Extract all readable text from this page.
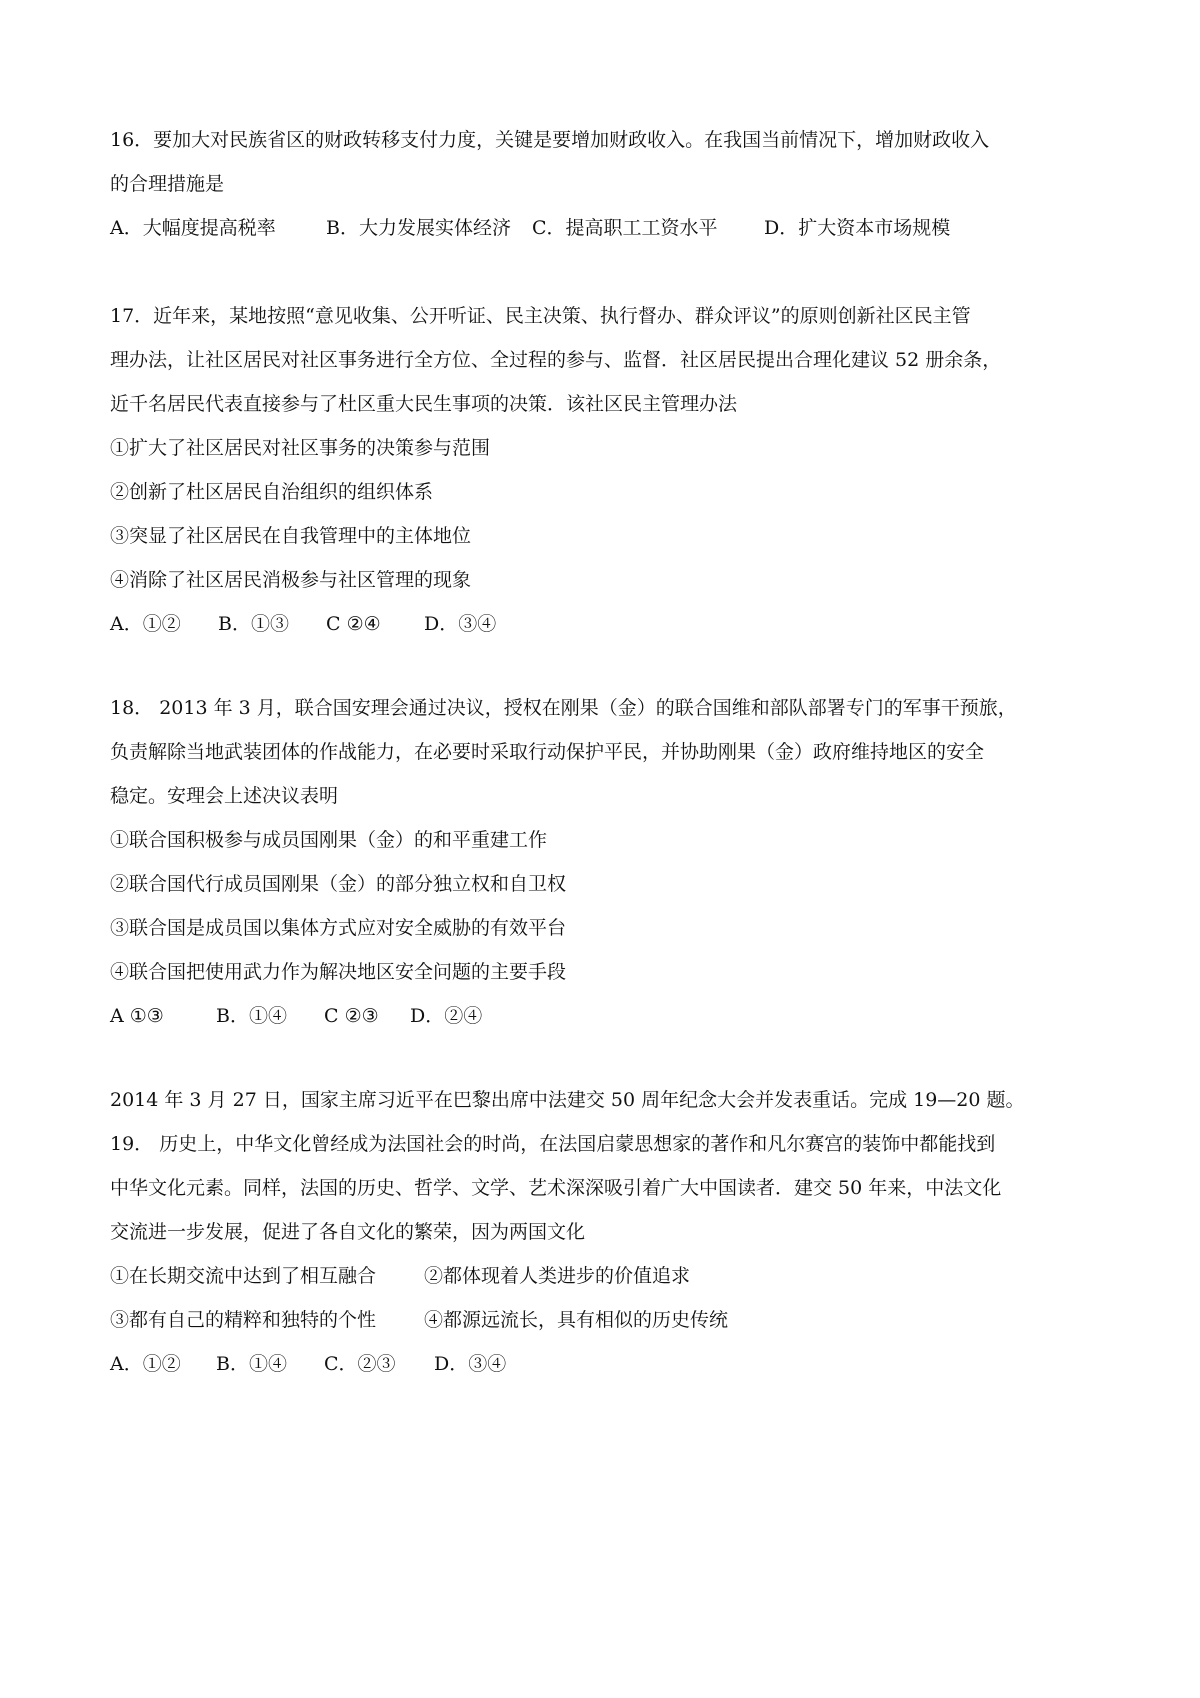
16．要加大对民族省区的财政转移支付力度，关键是要增加财政收入。在我国当前情况下，增加财政收入
的合理措施是
A．大幅度提高税率	B．大力发展实体经济 C．提高职工工资水平 D．扩大资本市场规模
17．近年来，某地按照“意见收集、公开听证、民主决策、执行督办、群众评议”的原则创新社区民主管
理办法，让社区居民对社区事务进行全方位、全过程的参与、监督．社区居民提出合理化建议 52 册余条，
近千名居民代表直接参与了杜区重大民生事项的决策．该社区民主管理办法
①扩大了社区居民对社区事务的决策参与范围
②创新了杜区居民自治组织的组织体系
③突显了社区居民在自我管理中的主体地位
④消除了社区居民消极参与社区管理的现象
A．①② B．①③ C ②④ D．③④
18． 2013 年 3 月，联合国安理会通过决议，授权在刚果（金）的联合国维和部队部署专门的军事干预旅，
负责解除当地武装团体的作战能力，在必要时采取行动保护平民，并协助刚果（金）政府维持地区的安全
稳定。安理会上述决议表明
①联合国积极参与成员国刚果（金）的和平重建工作
②联合国代行成员国刚果（金）的部分独立权和自卫权
③联合国是成员国以集体方式应对安全威胁的有效平台
④联合国把使用武力作为解决地区安全问题的主要手段
A ①③	B．①④ C ②③ D．②④
2014 年 3 月 27 日，国家主席习近平在巴黎出席中法建交 50 周年纪念大会并发表重话。完成 19—20 题。
19． 历史上，中华文化曾经成为法国社会的时尚，在法国启蒙思想家的著作和凡尔赛宫的装饰中都能找到
中华文化元素。同样，法国的历史、哲学、文学、艺术深深吸引着广大中国读者．建交 50 年来，中法文化
交流进一步发展，促进了各自文化的繁荣，因为两国文化
①在长期交流中达到了相互融合	②都体现着人类进步的价值追求
③都有自己的精粹和独特的个性	④都源远流长，具有相似的历史传统
A．①② B．①④ C．②③ D．③④
